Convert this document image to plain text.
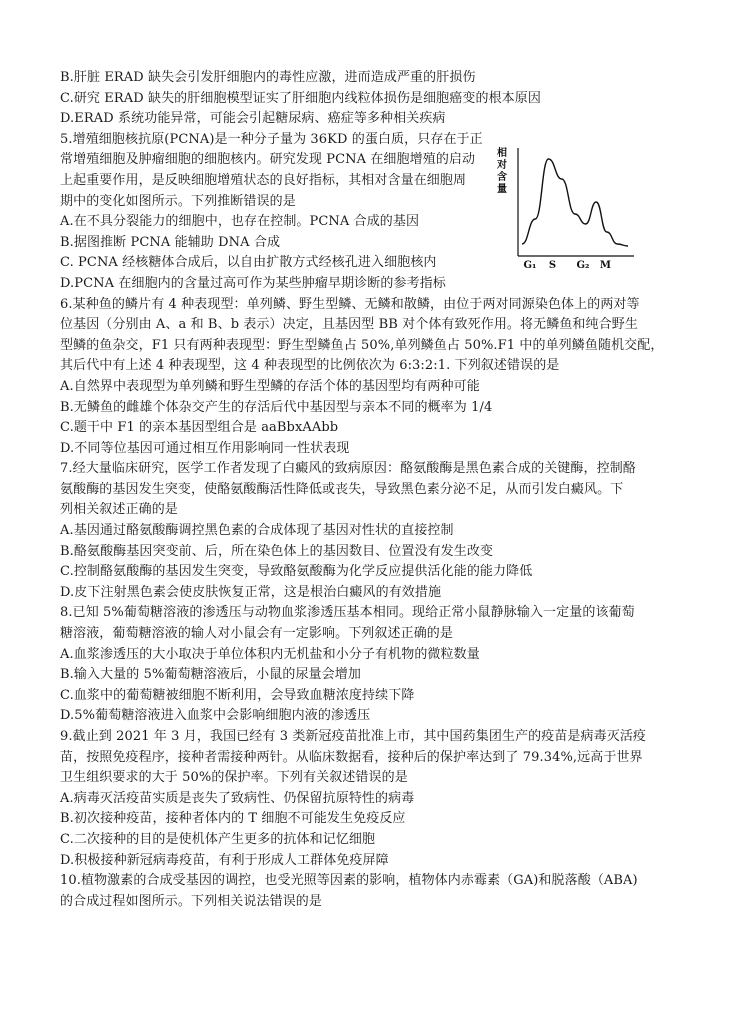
B.肝脏 ERAD 缺失会引发肝细胞内的毒性应激，进而造成严重的肝损伤
C.研究 ERAD 缺失的肝细胞模型证实了肝细胞内线粒体损伤是细胞癌变的根本原因
D.ERAD 系统功能异常，可能会引起糖尿病、癌症等多种相关疾病
5.增殖细胞核抗原(PCNA)是一种分子量为 36KD 的蛋白质，只存在于正
常增殖细胞及肿瘤细胞的细胞核内。研究发现 PCNA 在细胞增殖的启动
上起重要作用，是反映细胞增殖状态的良好指标，其相对含量在细胞周
期中的变化如图所示。下列推断错误的是
A.在不具分裂能力的细胞中，也存在控制。PCNA 合成的基因
B.据图推断 PCNA 能辅助 DNA 合成
C. PCNA 经核糖体合成后，以自由扩散方式经核孔进入细胞核内
D.PCNA 在细胞内的含量过高可作为某些肿瘤早期诊断的参考指标
6.某种鱼的鳞片有 4 种表现型：单列鳞、野生型鳞、无鳞和散鳞，由位于两对同源染色体上的两对等
位基因（分别由 A、a 和 B、b 表示）决定，且基因型 BB 对个体有致死作用。将无鳞鱼和纯合野生
型鳞的鱼杂交，F1 只有两种表现型：野生型鳞鱼占 50%,单列鳞鱼占 50%.F1 中的单列鳞鱼随机交配，
其后代中有上述 4 种表现型，这 4 种表现型的比例依次为 6:3:2:1. 下列叙述错误的是
A.自然界中表现型为单列鳞和野生型鳞的存活个体的基因型均有两种可能
B.无鳞鱼的雌雄个体杂交产生的存活后代中基因型与亲本不同的概率为 1/4
C.题干中 F1 的亲本基因型组合是 aaBbxAAbb
D.不同等位基因可通过相互作用影响同一性状表现
7.经大量临床研究，医学工作者发现了白癜风的致病原因：酪氨酸酶是黑色素合成的关键酶，控制酪
氨酸酶的基因发生突变，使酪氨酸酶活性降低或丧失，导致黑色素分泌不足，从而引发白癜风。下
列相关叙述正确的是
A.基因通过酪氨酸酶调控黑色素的合成体现了基因对性状的直接控制
B.酪氨酸酶基因突变前、后，所在染色体上的基因数目、位置没有发生改变
C.控制酪氨酸酶的基因发生突变，导致酪氨酸酶为化学反应提供活化能的能力降低
D.皮下注射黑色素会使皮肤恢复正常，这是根治白癜风的有效措施
8.已知 5%葡萄糖溶液的渗透压与动物血浆渗透压基本相同。现给正常小鼠静脉输入一定量的该葡萄
糖溶液，葡萄糖溶液的输人对小鼠会有一定影响。下列叙述正确的是
A.血浆渗透压的大小取决于单位体积内无机盐和小分子有机物的微粒数量
B.输入大量的 5%葡萄糖溶液后，小鼠的尿量会增加
C.血浆中的葡萄糖被细胞不断利用，会导致血糖浓度持续下降
D.5%葡萄糖溶液进入血浆中会影响细胞内液的渗透压
9.截止到 2021 年 3 月，我国已经有 3 类新冠疫苗批准上市，其中国药集团生产的疫苗是病毒灭活疫
苗，按照免疫程序，接种者需接种两针。从临床数据看，接种后的保护率达到了 79.34%,远高于世界
卫生组织要求的大于 50%的保护率。下列有关叙述错误的是
A.病毒灭活疫苗实质是丧失了致病性、仍保留抗原特性的病毒
B.初次接种疫苗，接种者体内的 T 细胞不可能发生免疫反应
C.二次接种的目的是使机体产生更多的抗体和记忆细胞
D.积极接种新冠病毒疫苗，有利于形成人工群体免疫屏障
10.植物激素的合成受基因的调控，也受光照等因素的影响，植物体内赤霉素（GA)和脱落酸（ABA)
的合成过程如图所示。下列相关说法错误的是
相
对
含
量
G₁ S G₂ M
